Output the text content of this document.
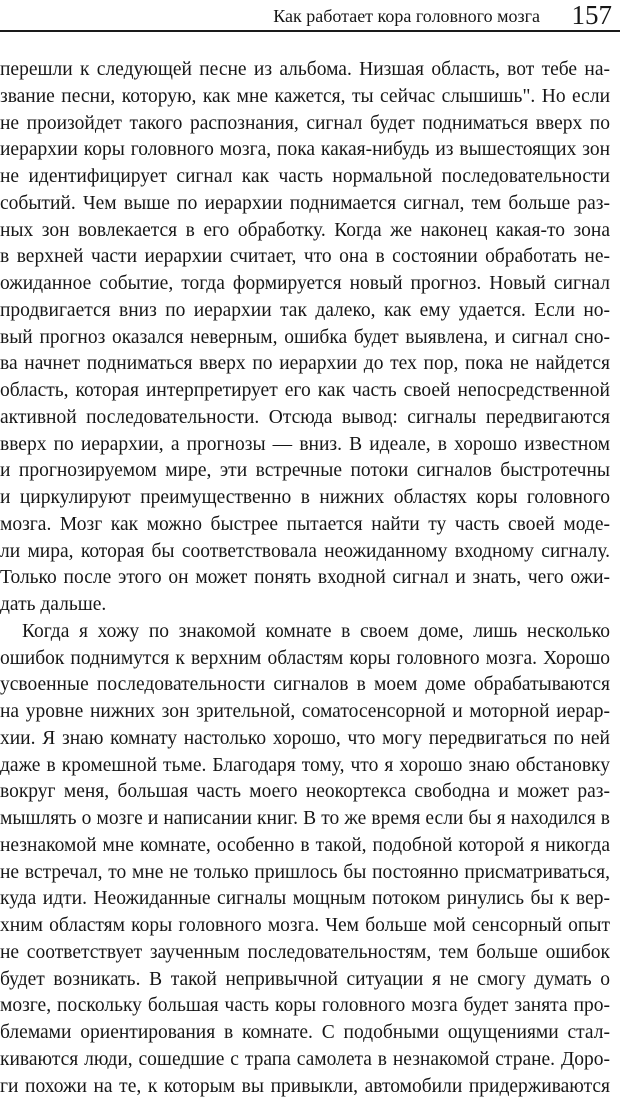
Как работает кора головного мозга 157
перешли к следующей песне из альбома. Низшая область, вот тебе на-
звание песни, которую, как мне кажется, ты сейчас слышишь". Но если
не произойдет такого распознания, сигнал будет подниматься вверх по
иерархии коры головного мозга, пока какая-нибудь из вышестоящих зон
не идентифицирует сигнал как часть нормальной последовательности
событий. Чем выше по иерархии поднимается сигнал, тем больше раз-
ных зон вовлекается в его обработку. Когда же наконец какая-то зона
в верхней части иерархии считает, что она в состоянии обработать не-
ожиданное событие, тогда формируется новый прогноз. Новый сигнал
продвигается вниз по иерархии так далеко, как ему удается. Если но-
вый прогноз оказался неверным, ошибка будет выявлена, и сигнал сно-
ва начнет подниматься вверх по иерархии до тех пор, пока не найдется
область, которая интерпретирует его как часть своей непосредственной
активной последовательности. Отсюда вывод: сигналы передвигаются
вверх по иерархии, а прогнозы — вниз. В идеале, в хорошо известном
и прогнозируемом мире, эти встречные потоки сигналов быстротечны
и циркулируют преимущественно в нижних областях коры головного
мозга. Мозг как можно быстрее пытается найти ту часть своей моде-
ли мира, которая бы соответствовала неожиданному входному сигналу.
Только после этого он может понять входной сигнал и знать, чего ожи-
дать дальше.
Когда я хожу по знакомой комнате в своем доме, лишь несколько
ошибок поднимутся к верхним областям коры головного мозга. Хорошо
усвоенные последовательности сигналов в моем доме обрабатываются
на уровне нижних зон зрительной, соматосенсорной и моторной иерар-
хии. Я знаю комнату настолько хорошо, что могу передвигаться по ней
даже в кромешной тьме. Благодаря тому, что я хорошо знаю обстановку
вокруг меня, большая часть моего неокортекса свободна и может раз-
мышлять о мозге и написании книг. В то же время если бы я находился в
незнакомой мне комнате, особенно в такой, подобной которой я никогда
не встречал, то мне не только пришлось бы постоянно присматриваться,
куда идти. Неожиданные сигналы мощным потоком ринулись бы к вер-
хним областям коры головного мозга. Чем больше мой сенсорный опыт
не соответствует заученным последовательностям, тем больше ошибок
будет возникать. В такой непривычной ситуации я не смогу думать о
мозге, поскольку большая часть коры головного мозга будет занята про-
блемами ориентирования в комнате. С подобными ощущениями стал-
киваются люди, сошедшие с трапа самолета в незнакомой стране. Доро-
ги похожи на те, к которым вы привыкли, автомобили придерживаются
